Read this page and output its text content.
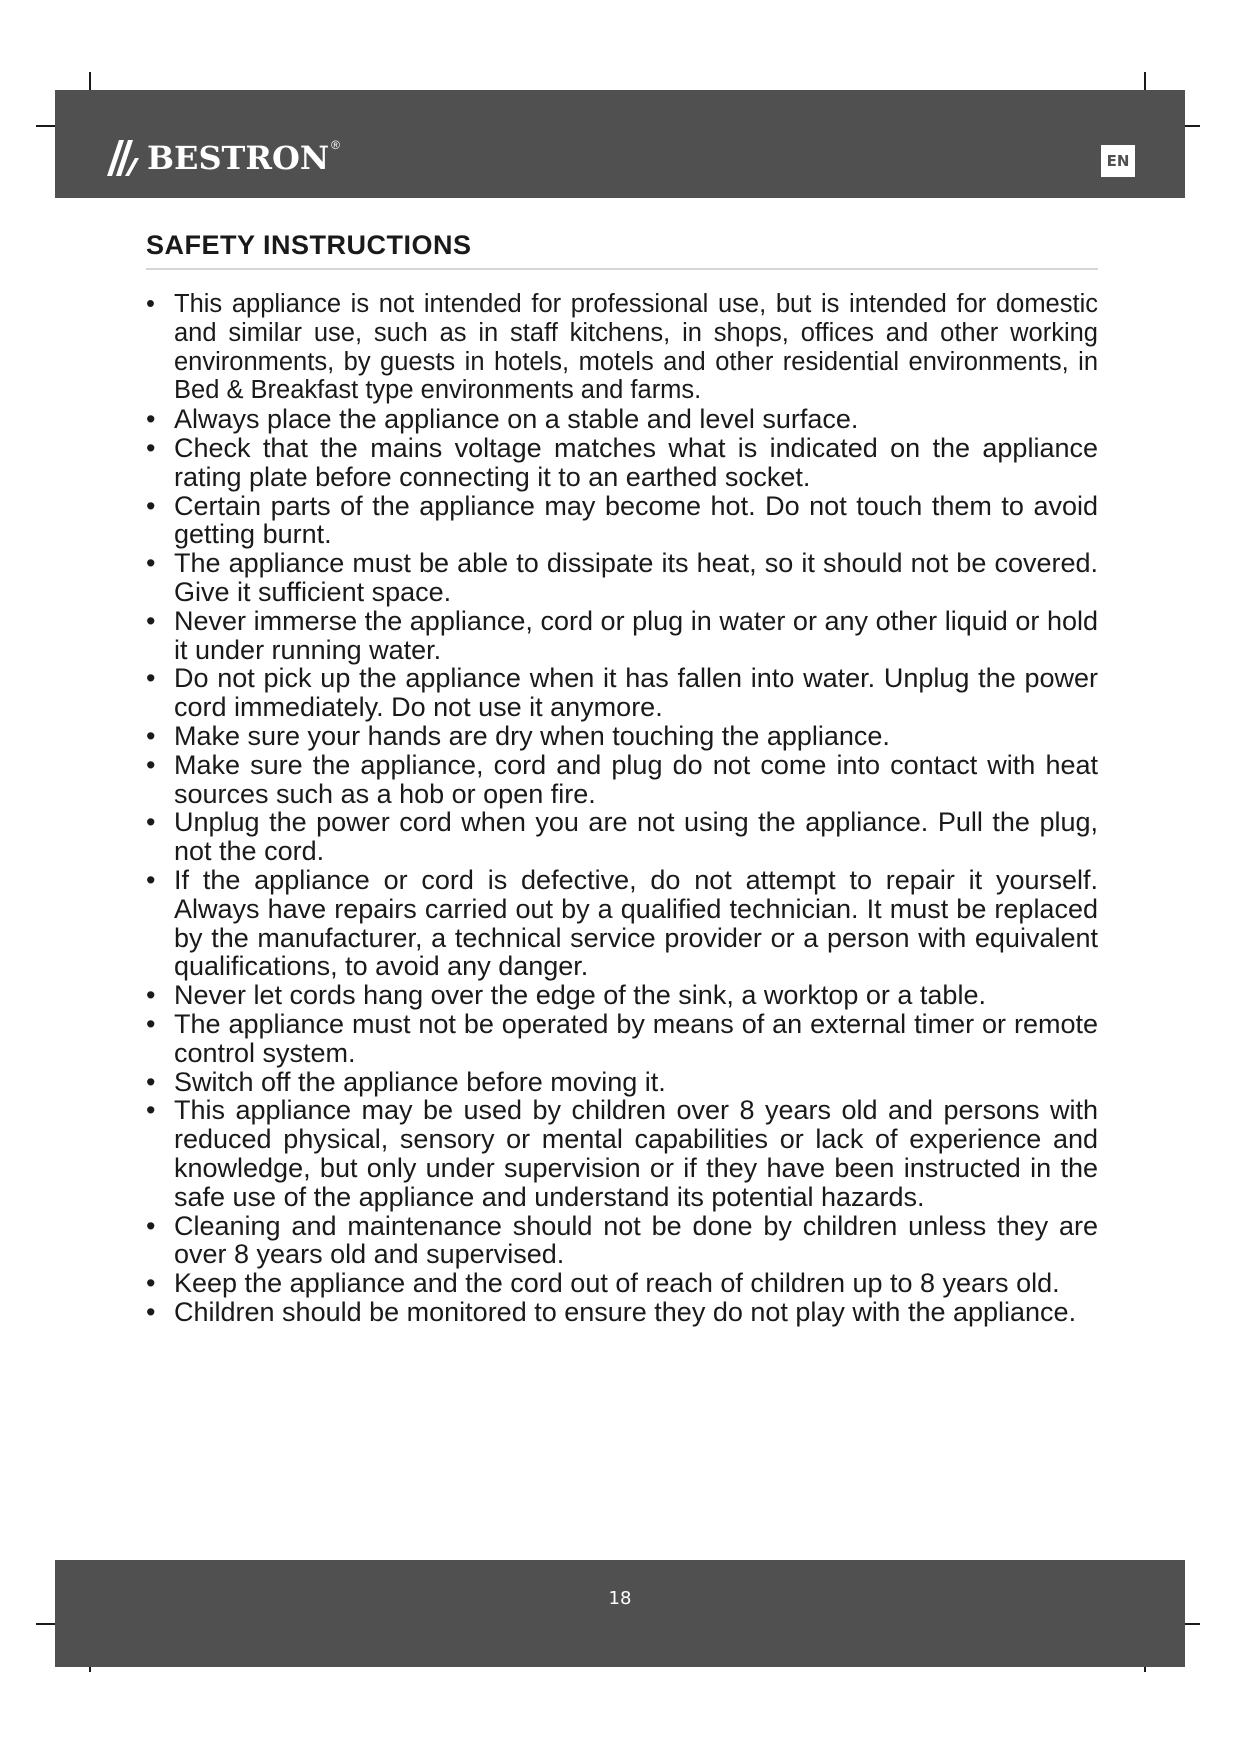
BESTRON ®
EN
SAFETY INSTRUCTIONS
• This appliance is not intended for professional use, but is intended for domestic and similar use, such as in staff kitchens, in shops, offices and other working environments, by guests in hotels, motels and other residential environments, in Bed & Breakfast type environments and farms.
• Always place the appliance on a stable and level surface.
• Check that the mains voltage matches what is indicated on the appliance rating plate before connecting it to an earthed socket.
• Certain parts of the appliance may become hot. Do not touch them to avoid getting burnt.
• The appliance must be able to dissipate its heat, so it should not be covered. Give it sufficient space.
• Never immerse the appliance, cord or plug in water or any other liquid or hold it under running water.
• Do not pick up the appliance when it has fallen into water. Unplug the power cord immediately. Do not use it anymore.
• Make sure your hands are dry when touching the appliance.
• Make sure the appliance, cord and plug do not come into contact with heat sources such as a hob or open fire.
• Unplug the power cord when you are not using the appliance. Pull the plug, not the cord.
• If the appliance or cord is defective, do not attempt to repair it yourself. Always have repairs carried out by a qualified technician. It must be replaced by the manufacturer, a technical service provider or a person with equivalent qualifications, to avoid any danger.
• Never let cords hang over the edge of the sink, a worktop or a table.
• The appliance must not be operated by means of an external timer or remote control system.
• Switch off the appliance before moving it.
• This appliance may be used by children over 8 years old and persons with reduced physical, sensory or mental capabilities or lack of experience and knowledge, but only under supervision or if they have been instructed in the safe use of the appliance and understand its potential hazards.
• Cleaning and maintenance should not be done by children unless they are over 8 years old and supervised.
• Keep the appliance and the cord out of reach of children up to 8 years old.
• Children should be monitored to ensure they do not play with the appliance.
18
